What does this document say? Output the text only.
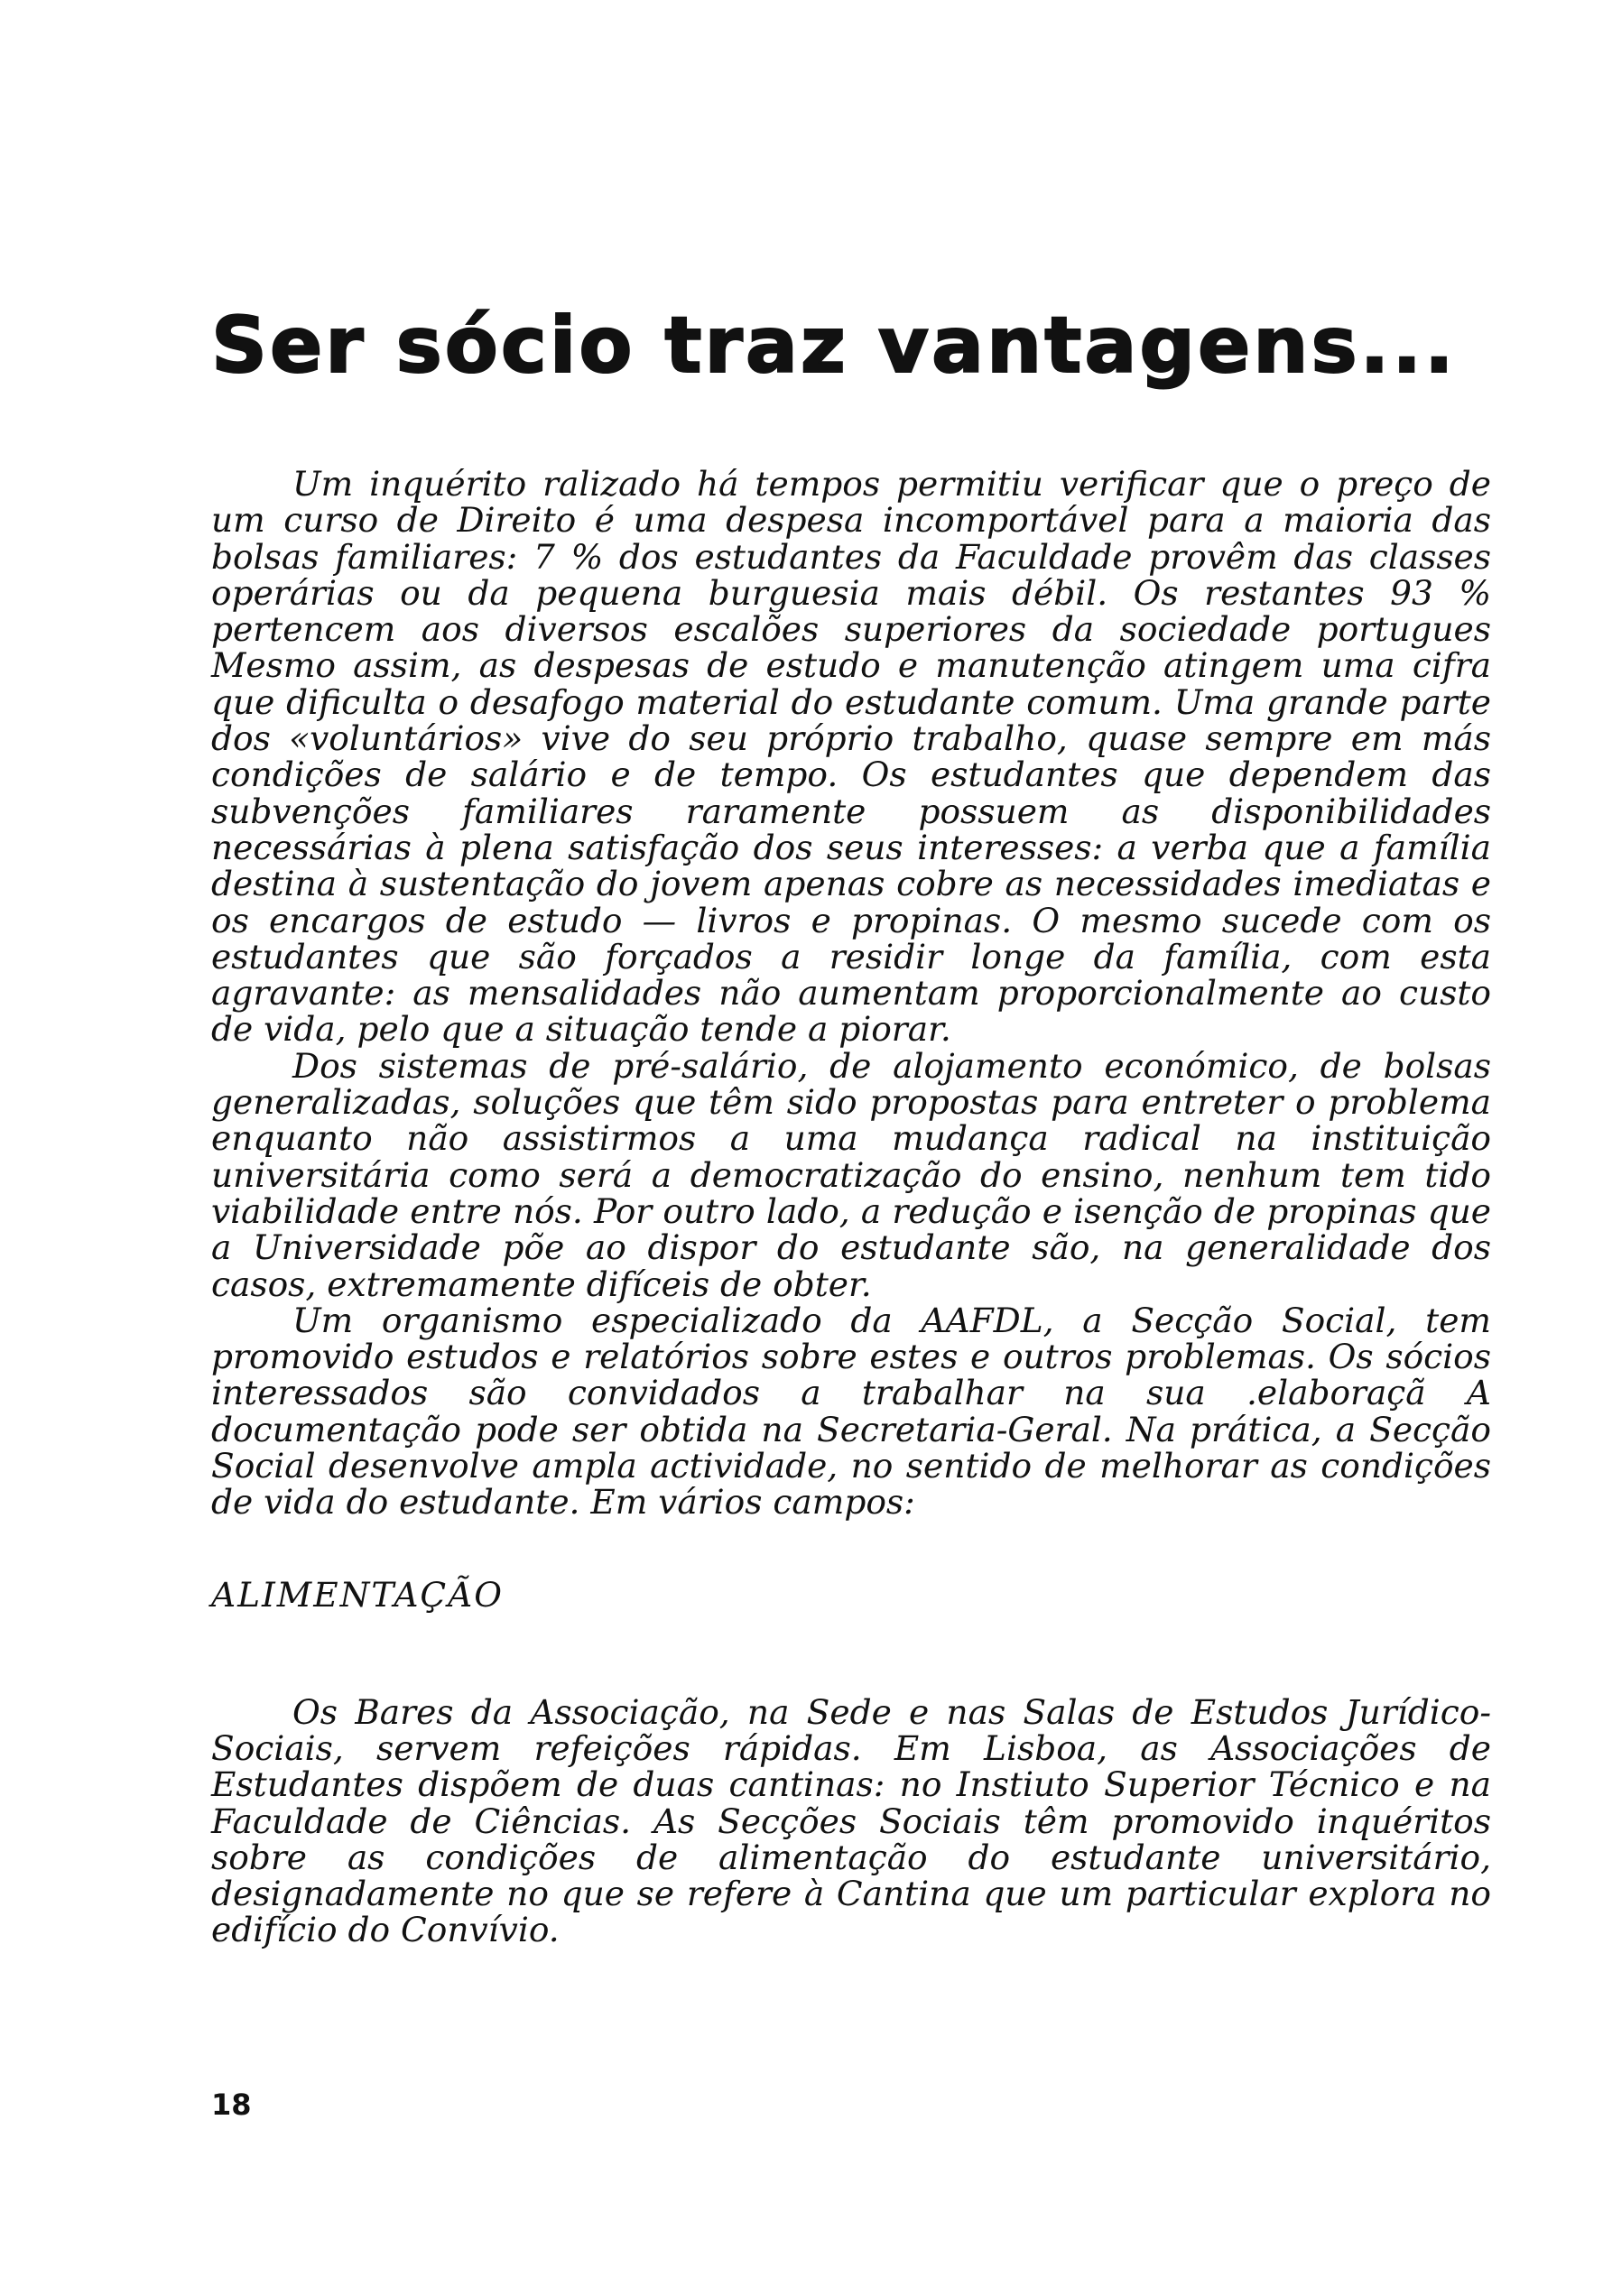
Ser sócio traz vantagens...

Um inquérito ralizado há tempos permitiu verificar que o preço de um curso de Direito é uma despesa incomportável para a maioria das bolsas familiares: 7 % dos estudantes da Faculdade provêm das classes operárias ou da pequena burguesia mais débil. Os restantes 93 % pertencem aos diversos escalões superiores da sociedade portugues Mesmo assim, as despesas de estudo e manutenção atingem uma cifra que dificulta o desafogo material do estudante comum. Uma grande parte dos «voluntários» vive do seu próprio trabalho, quase sempre em más condições de salário e de tempo. Os estudantes que dependem das subvenções familiares raramente possuem as disponibilidades necessárias à plena satisfação dos seus interesses: a verba que a família destina à sustentação do jovem apenas cobre as necessidades imediatas e os encargos de estudo — livros e propinas. O mesmo sucede com os estudantes que são forçados a residir longe da família, com esta agravante: as mensalidades não aumentam proporcionalmente ao custo de vida, pelo que a situação tende a piorar.

Dos sistemas de pré-salário, de alojamento económico, de bolsas generalizadas, soluções que têm sido propostas para entreter o problema enquanto não assistirmos a uma mudança radical na instituição universitária como será a democratização do ensino, nenhum tem tido viabilidade entre nós. Por outro lado, a redução e isenção de propinas que a Universidade põe ao dispor do estudante são, na generalidade dos casos, extremamente difíceis de obter.

Um organismo especializado da AAFDL, a Secção Social, tem promovido estudos e relatórios sobre estes e outros problemas. Os sócios interessados são convidados a trabalhar na sua .elaboraçã A documentação pode ser obtida na Secretaria-Geral. Na prática, a Secção Social desenvolve ampla actividade, no sentido de melhorar as condições de vida do estudante. Em vários campos:

ALIMENTAÇÃO

Os Bares da Associação, na Sede e nas Salas de Estudos Jurídico-Sociais, servem refeições rápidas. Em Lisboa, as Associações de Estudantes dispõem de duas cantinas: no Instiuto Superior Técnico e na Faculdade de Ciências. As Secções Sociais têm promovido inquéritos sobre as condições de alimentação do estudante universitário, designadamente no que se refere à Cantina que um particular explora no edifício do Convívio.

18
